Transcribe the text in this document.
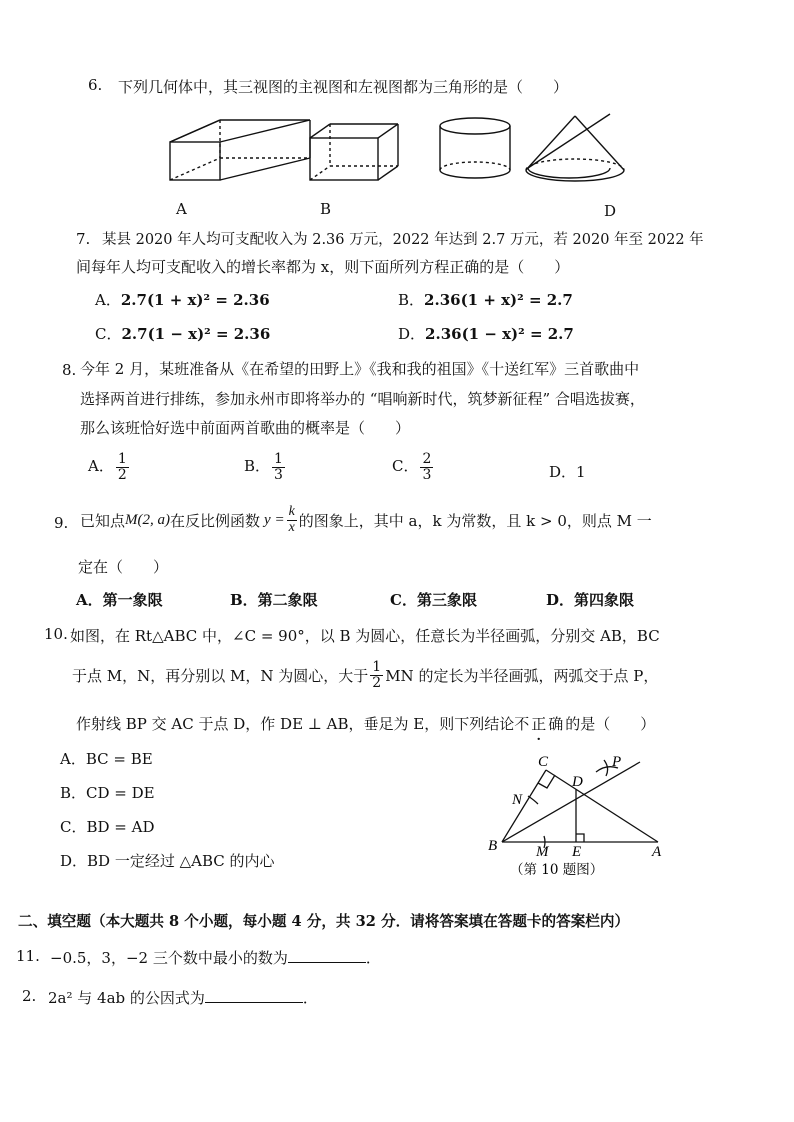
6. 下列几何体中，其三视图的主视图和左视图都为三角形的是（　　）
A	B	D
7. 某县 2020 年人均可支配收入为 2.36 万元，2022 年达到 2.7 万元，若 2020 年至 2022 年
间每年人均可支配收入的增长率都为 x，则下面所列方程正确的是（　　）
A．2.7(1 + x)² = 2.36	B．2.36(1 + x)² = 2.7
C．2.7(1 − x)² = 2.36	D．2.36(1 − x)² = 2.7
8. 今年 2 月，某班准备从《在希望的田野上》《我和我的祖国》《十送红军》三首歌曲中
选择两首进行排练，参加永州市即将举办的 “唱响新时代，筑梦新征程” 合唱选拔赛，
那么该班恰好选中前面两首歌曲的概率是（　　）
A． $\frac{1}{2}$	B． $\frac{1}{3}$	C． $\frac{2}{3}$	D．1
9. 已知点 M(2, a) 在反比例函数 $y = \frac{k}{x}$ 的图象上，其中 a，k 为常数，且 k > 0，则点 M 一
定在（　　）
A．第一象限	B．第二象限	C．第三象限	D．第四象限
10. 如图，在 Rt△ABC 中，∠C = 90°，以 B 为圆心，任意长为半径画弧，分别交 AB，BC
于点 M，N，再分别以 M，N 为圆心，大于 $\frac{1}{2}$ MN 的定长为半径画弧，两弧交于点 P，
作射线 BP 交 AC 于点 D，作 DE ⊥ AB，垂足为 E，则下列结论不正确的是（　　）
A．BC = BE
B．CD = DE
C．BD = AD
D．BD 一定经过 △ABC 的内心
C
D
P
N
B	M E	A
（第 10 题图）
二、填空题（本大题共 8 个小题，每小题 4 分，共 32 分．请将答案填在答题卡的答案栏内）
11. −0.5，3，−2 三个数中最小的数为	．
2. 2a² 与 4ab 的公因式为	．
